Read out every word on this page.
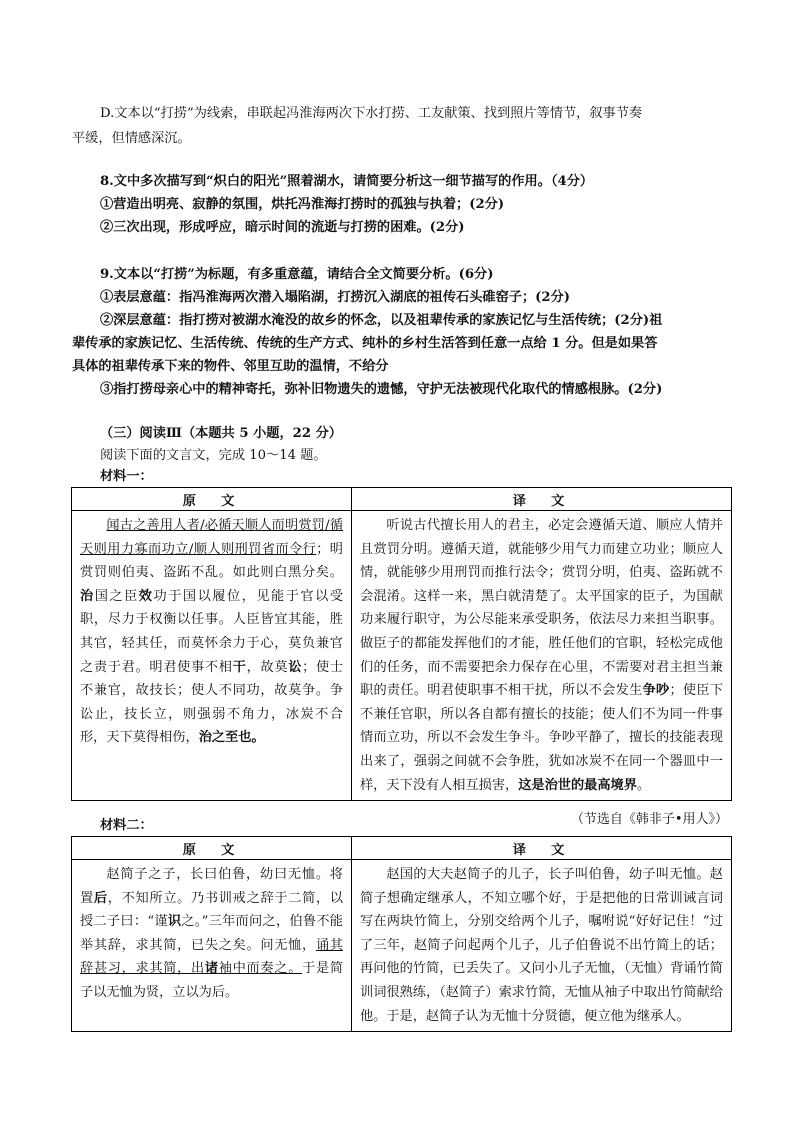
D.文本以“打捞”为线索，串联起冯淮海两次下水打捞、工友献策、找到照片等情节，叙事节奏

平缓，但情感深沉。

8.文中多次描写到“炽白的阳光”照着湖水，请简要分析这一细节描写的作用。（4分）

①营造出明亮、寂静的氛围，烘托冯淮海打捞时的孤独与执着；(2分)

②三次出现，形成呼应，暗示时间的流逝与打捞的困难。(2分)

9.文本以“打捞”为标题，有多重意蕴，请结合全文简要分析。(6分)

①表层意蕴：指冯淮海两次潜入塌陷湖，打捞沉入湖底的祖传石头碓窑子；(2分)

②深层意蕴：指打捞对被湖水淹没的故乡的怀念，以及祖辈传承的家族记忆与生活传统；(2分)祖

辈传承的家族记忆、生活传统、传统的生产方式、纯朴的乡村生活答到任意一点给 1 分。但是如果答

具体的祖辈传承下来的物件、邻里互助的温情，不给分

③指打捞母亲心中的精神寄托，弥补旧物遗失的遗憾，守护无法被现代化取代的情感根脉。(2分)

（三）阅读Ⅲ（本题共 5 小题，22 分）

阅读下面的文言文，完成 10～14 题。

材料一：

原　文	译　文

闻古之善用人者/必循天顺人而明赏罚/循天则用力寡而功立/顺人则刑罚省而令行；明赏罚则伯夷、盗跖不乱。如此则白黑分矣。治国之臣效功于国以履位，见能于官以受职，尽力于权衡以任事。人臣皆宜其能，胜其官，轻其任，而莫怀余力于心，莫负兼官之责于君。明君使事不相干，故莫讼；使士不兼官，故技长；使人不同功，故莫争。争讼止，技长立，则强弱不角力，冰炭不合形，天下莫得相伤，治之至也。	听说古代擅长用人的君主，必定会遵循天道、顺应人情并且赏罚分明。遵循天道，就能够少用气力而建立功业；顺应人情，就能够少用刑罚而推行法令；赏罚分明，伯夷、盗跖就不会混淆。这样一来，黑白就清楚了。太平国家的臣子，为国献功来履行职守，为公尽能来承受职务，依法尽力来担当职事。做臣子的都能发挥他们的才能，胜任他们的官职，轻松完成他们的任务，而不需要把余力保存在心里，不需要对君主担当兼职的责任。明君使职事不相干扰，所以不会发生争吵；使臣下不兼任官职，所以各自都有擅长的技能；使人们不为同一件事情而立功，所以不会发生争斗。争吵平静了，擅长的技能表现出来了，强弱之间就不会争胜，犹如冰炭不在同一个器皿中一样，天下没有人相互损害，这是治世的最高境界。

（节选自《韩非子•用人》）

材料二：

原　文	译　文

赵简子之子，长曰伯鲁，幼曰无恤。将置后，不知所立。乃书训戒之辞于二简，以授二子曰：“谨识之。”三年而问之，伯鲁不能举其辞，求其简，已失之矣。问无恤，诵其辞甚习，求其简，出诸袖中而奏之。于是简子以无恤为贤，立以为后。	赵国的大夫赵简子的儿子，长子叫伯鲁，幼子叫无恤。赵简子想确定继承人，不知立哪个好，于是把他的日常训诫言词写在两块竹简上，分别交给两个儿子，嘱咐说“好好记住！”过了三年，赵简子问起两个儿子，儿子伯鲁说不出竹简上的话；再问他的竹简，已丢失了。又问小儿子无恤，（无恤）背诵竹简训词很熟练，（赵简子）索求竹简，无恤从袖子中取出竹简献给他。于是，赵简子认为无恤十分贤德，便立他为继承人。
